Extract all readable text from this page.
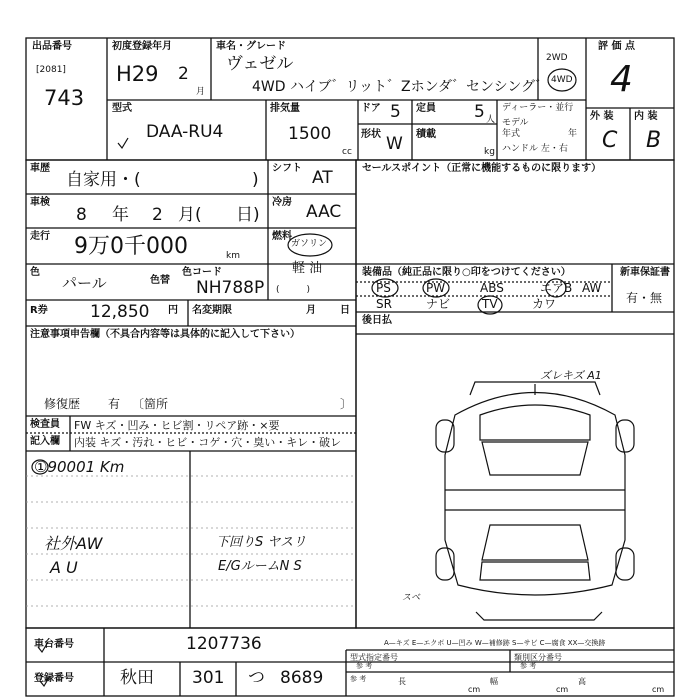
出品番号
[2081]
743
初度登録年月
H29 2
月
車名・グレード
ヴェゼル
4WD ハイブ゛リット゛Zホンダ゛センシング゛
2WD
4WD
評 価 点
4
外 装 内 装
C B
型式
DAA-RU4
排気量
1500
cc
ドア 5
形状 W
定員 5 人
積載
kg
ディーラー・並行
モデル
年式	年
ハンドル 左・右
車歴
自家用・(	)
シフト AT
車検
8 年 2 月( 日)
冷房 AAC
走行 9万0千000	km
燃料
ガソリン
軽 油
色
パール	色替
色コード
NH788P (　　　)
R券 12,850 円 名変期限	月 日
注意事項申告欄（不具合内容等は具体的に記入して下さい）
修復歴 有 〔箇所	〕
検査員
記入欄
FW キズ・凹み・ヒビ割・リペア跡・×要
内装 キズ・汚れ・ヒビ・コゲ・穴・臭い・キレ・破レ
①90001 Km
社外AW
A U
下回りS ヤスリ
E/GルームN S
セールスポイント（正常に機能するものに限ります）
装備品（純正品に限り○印をつけてください）
PS	PW	ABS	エアB AW
SR	ナビ	TV	カワ
新車保証書
有・無
後日払
ズレキズ A1
スベ
A—キズ E—エクボ U—凹み W—補修跡 S—サビ C—腐食 XX—交換跡
車台番号	1207736
登録番号	秋田 301 つ 8689
型式指定番号
参 考
類別区分番号
参 考
参 考	長
cm
幅
cm
高
cm
